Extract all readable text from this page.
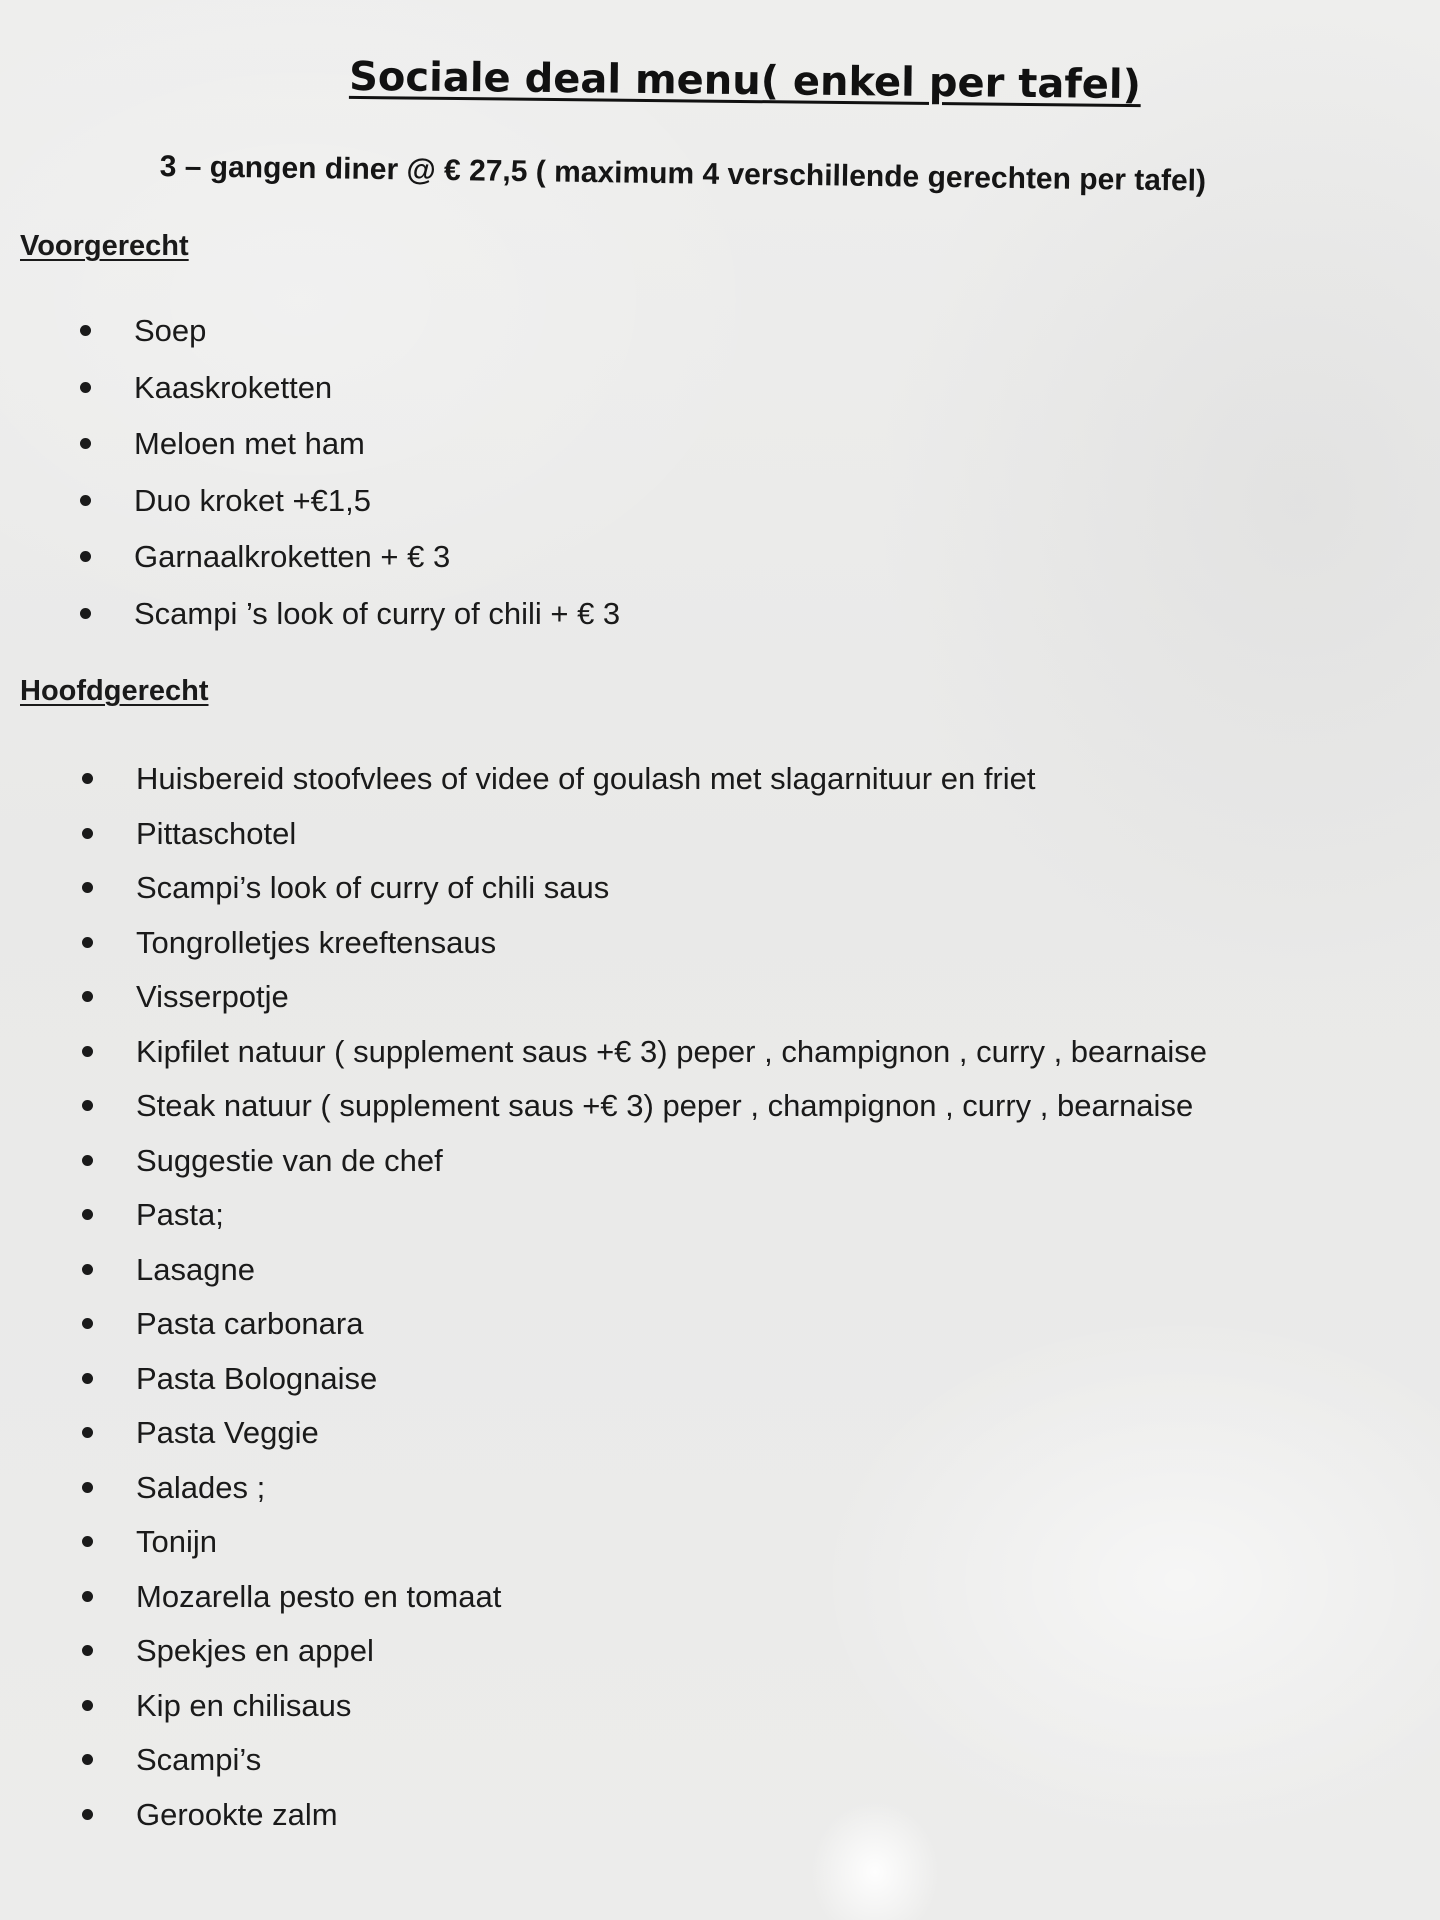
Sociale deal menu( enkel per tafel)
3 – gangen diner @ € 27,5 ( maximum 4 verschillende gerechten per tafel)
Voorgerecht
Soep
Kaaskroketten
Meloen met ham
Duo kroket +€1,5
Garnaalkroketten + € 3
Scampi ’s look of curry of chili + € 3
Hoofdgerecht
Huisbereid stoofvlees of videe of goulash met slagarnituur en friet
Pittaschotel
Scampi’s look of curry of chili saus
Tongrolletjes kreeftensaus
Visserpotje
Kipfilet natuur ( supplement saus +€ 3) peper , champignon , curry , bearnaise
Steak natuur ( supplement saus +€ 3) peper , champignon , curry , bearnaise
Suggestie van de chef
Pasta;
Lasagne
Pasta carbonara
Pasta Bolognaise
Pasta Veggie
Salades ;
Tonijn
Mozarella pesto en tomaat
Spekjes en appel
Kip en chilisaus
Scampi’s
Gerookte zalm
